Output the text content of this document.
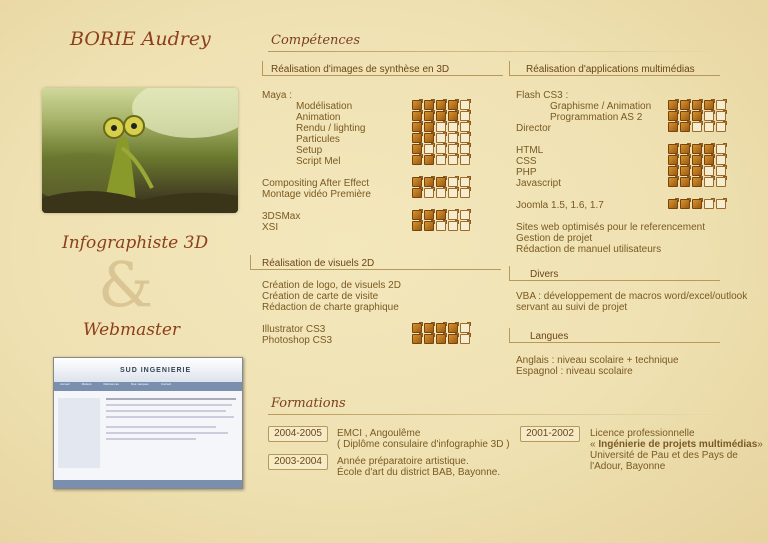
BORIE Audrey
Infographiste 3D
&
Webmaster
SUD INGENIERIE
Accueil	Métiers	Références	Nos marques	Contact
Compétences
Réalisation d'images de synthèse en 3D
Maya :
Modélisation
Animation
Rendu / lighting
Particules
Setup
Script Mel
Compositing After Effect
Montage vidéo Première
3DSMax
XSI
Réalisation d'applications multimédias
Flash CS3 :
Graphisme / Animation
Programmation AS 2
Director
HTML
CSS
PHP
Javascript
Joomla 1.5, 1.6, 1.7
Sites web optimisés pour le referencement
Gestion de projet
Rédaction de manuel utilisateurs
Réalisation de visuels 2D
Création de logo, de visuels 2D
Création de carte de visite
Rédaction de charte graphique
Illustrator CS3
Photoshop CS3
Divers
VBA : développement de macros word/excel/outlook
servant au suivi de projet
Langues
Anglais : niveau scolaire + technique
Espagnol : niveau scolaire
Formations
2004-2005	EMCI , Angoulême
( Diplôme consulaire d'infographie 3D )
2003-2004	Année préparatoire artistique.
École d'art du district BAB, Bayonne.
2001-2002	Licence professionnelle
« Ingénierie de projets multimédias»
Université de Pau et des Pays de
l'Adour, Bayonne
